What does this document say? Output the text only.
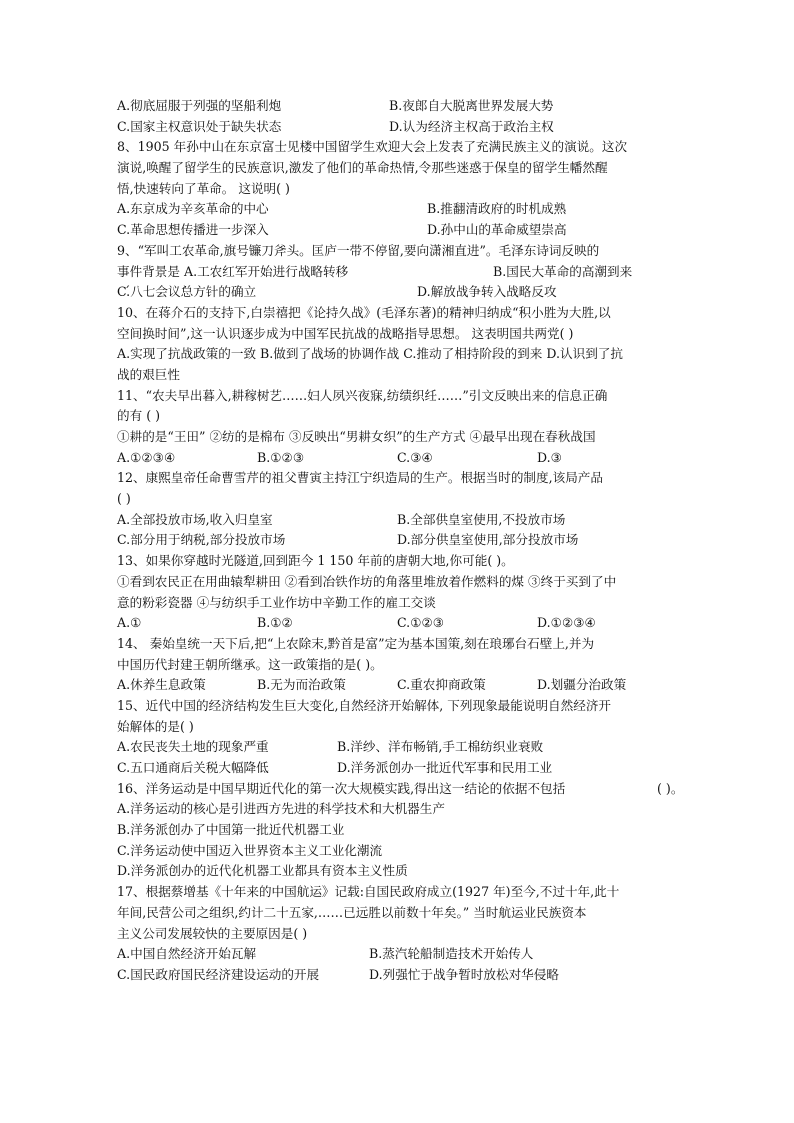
A.彻底屈服于列强的坚船利炮	B.夜郎自大脱离世界发展大势
C.国家主权意识处于缺失状态	D.认为经济主权高于政治主权
8、1905 年孙中山在东京富士见楼中国留学生欢迎大会上发表了充满民族主义的演说。这次
演说,唤醒了留学生的民族意识,激发了他们的革命热情,令那些迷惑于保皇的留学生幡然醒
悟,快速转向了革命。 这说明( )
A.东京成为辛亥革命的中心	B.推翻清政府的时机成熟
C.革命思想传播进一步深入	D.孙中山的革命威望崇高
9、“军叫工农革命,旗号镰刀斧头。匡庐一带不停留,要向潇湘直进”。毛泽东诗词反映的
事件背景是 A.工农红军开始进行战略转移	B.国民大革命的高潮到来
C.́八七会议́总方针的确立	D.解放战争转入战略反攻
10、在蒋介石的支持下,白崇禧把《论持久战》(毛泽东著)的精神归纳成“积小胜为大胜,以
空间换时间”,这一认识逐步成为中国军民抗战的战略指导思想。 这表明国共两党( )
A.实现了抗战政策的一致 B.做到了战场的协调作战 C.推动了相持阶段的到来 D.认识到了抗
战的艰巨性
11、“农夫早出暮入,耕稼树艺……妇人夙兴夜寐,纺绩织纴……”引文反映出来的信息正确
的有 ( )
①耕的是“王田” ②纺的是棉布 ③反映出“男耕女织”的生产方式 ④最早出现在春秋战国
A.①②③④	B.①②③	C.③④	D.③
12、康熙皇帝任命曹雪芹的祖父曹寅主持江宁织造局的生产。根据当时的制度,该局产品
( )
A.全部投放市场,收入归皇室	B.全部供皇室使用,不投放市场
C.部分用于纳税,部分投放市场	D.部分供皇室使用,部分投放市场
13、如果你穿越时光隧道,回到距今 1 150 年前的唐朝大地,你可能( )。
①看到农民正在用曲辕犁耕田 ②看到冶铁作坊的角落里堆放着作燃料的煤 ③终于买到了中
意的粉彩瓷器 ④与纺织手工业作坊中辛勤工作的雇工交谈
A.①	B.①②	C.①②③	D.①②③④
14、 秦始皇统一天下后,把“上农除末,黔首是富”定为基本国策,刻在琅琊台石壁上,并为
中国历代封建王朝所继承。这一政策指的是( )。
A.休养生息政策	B.无为而治政策	C.重农抑商政策	D.划疆分治政策
15、近代中国的经济结构发生巨大变化,自然经济开始解体, 下列现象最能说明自然经济开
始解体的是( )
A.农民丧失土地的现象严重	B.洋纱、洋布畅销,手工棉纺织业衰败
C.五口通商后关税大幅降低	D.洋务派创办一批近代军事和民用工业
16、洋务运动是中国早期近代化的第一次大规模实践,得出这一结论的依据不包括	( )。
A.洋务运动的核心是引进西方先进的科学技术和大机器生产
B.洋务派创办了中国第一批近代机器工业
C.洋务运动使中国迈入世界资本主义工业化潮流
D.洋务派创办的近代化机器工业都具有资本主义性质
17、根据蔡增基《十年来的中国航运》记载:自国民政府成立(1927 年)至今,不过十年,此十
年间,民营公司之组织,约计二十五家,……已远胜以前数十年矣。” 当时航运业民族资本
主义公司发展较快的主要原因是( )
A.中国自然经济开始瓦解	B.蒸汽轮船制造技术开始传人
C.国民政府国民经济建设运动的开展	D.列强忙于战争暂时放松对华侵略
